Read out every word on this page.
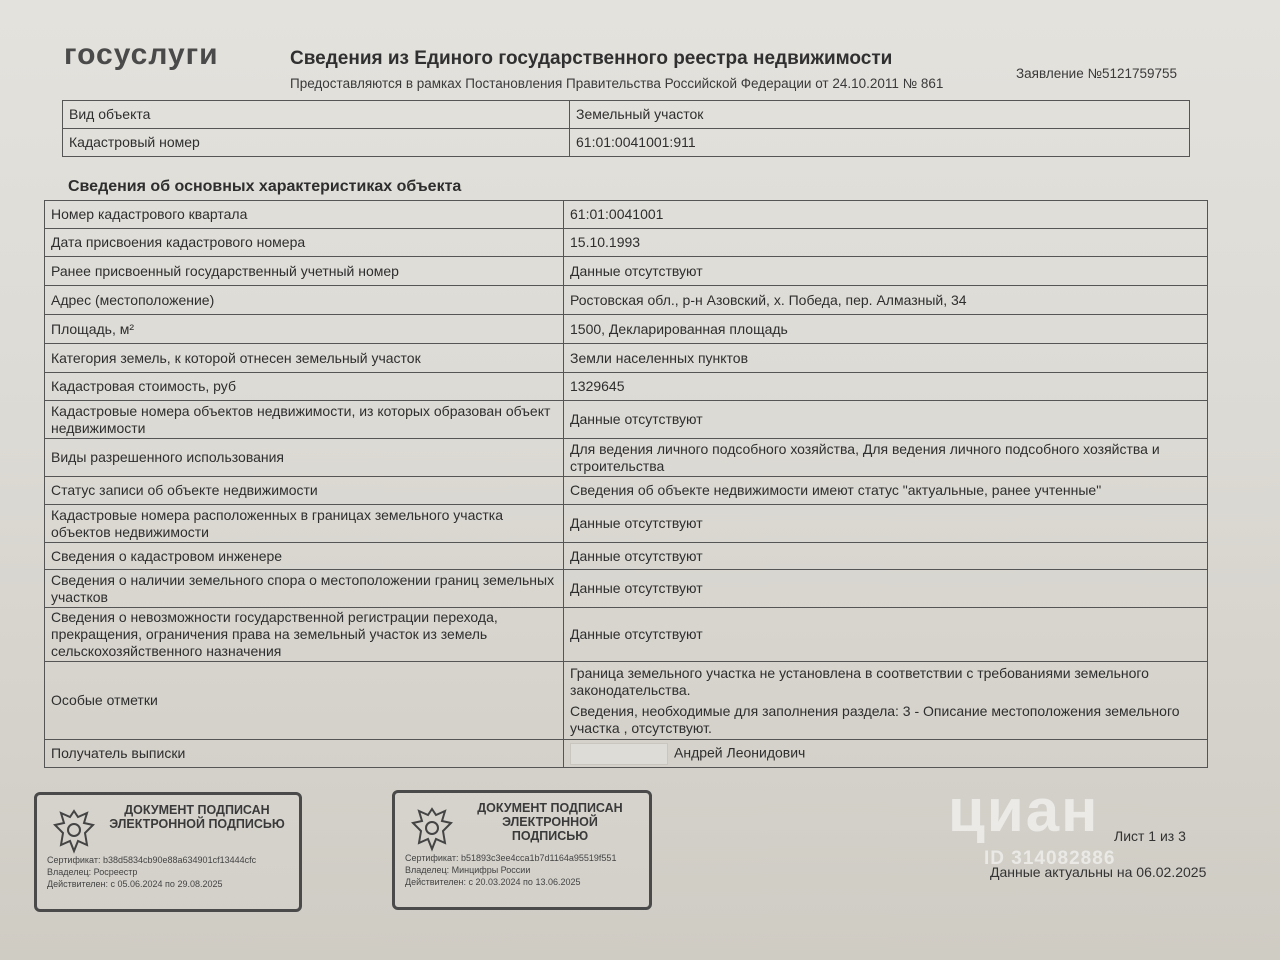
госуслуги	Сведения из Единого государственного реестра недвижимости
Предоставляются в рамках Постановления Правительства Российской Федерации от 24.10.2011 № 861
Заявление №5121759755
Вид объекта	Земельный участок
Кадастровый номер	61:01:0041001:911
Сведения об основных характеристиках объекта
Номер кадастрового квартала	61:01:0041001
Дата присвоения кадастрового номера	15.10.1993
Ранее присвоенный государственный учетный номер	Данные отсутствуют
Адрес (местоположение)	Ростовская обл., р-н Азовский, х. Победа, пер. Алмазный, 34
Площадь, м²	1500, Декларированная площадь
Категория земель, к которой отнесен земельный участок	Земли населенных пунктов
Кадастровая стоимость, руб	1329645
Кадастровые номера объектов недвижимости, из которых образован объект недвижимости	Данные отсутствуют
Виды разрешенного использования	Для ведения личного подсобного хозяйства, Для ведения личного подсобного хозяйства и строительства
Статус записи об объекте недвижимости	Сведения об объекте недвижимости имеют статус "актуальные, ранее учтенные"
Кадастровые номера расположенных в границах земельного участка объектов недвижимости	Данные отсутствуют
Сведения о кадастровом инженере	Данные отсутствуют
Сведения о наличии земельного спора о местоположении границ земельных участков	Данные отсутствуют
Сведения о невозможности государственной регистрации перехода, прекращения, ограничения права на земельный участок из земель сельскохозяйственного назначения	Данные отсутствуют
Особые отметки	Граница земельного участка не установлена в соответствии с требованиями земельного законодательства.
Сведения, необходимые для заполнения раздела: 3 - Описание местоположения земельного участка , отсутствуют.

Получатель выписки	Андрей Леонидович
ДОКУМЕНТ ПОДПИСАН ЭЛЕКТРОННОЙ ПОДПИСЬЮ
Сертификат: b38d5834cb90e88a634901cf13444cfc
Владелец: Росреестр
Действителен: с 05.06.2024 по 29.08.2025
ДОКУМЕНТ ПОДПИСАН ЭЛЕКТРОННОЙ ПОДПИСЬЮ
Сертификат: b51893c3ee4cca1b7d1164a95519f551
Владелец: Минцифры России
Действителен: с 20.03.2024 по 13.06.2025
циан
ID 314082886
Лист 1 из 3
Данные актуальны на 06.02.2025
